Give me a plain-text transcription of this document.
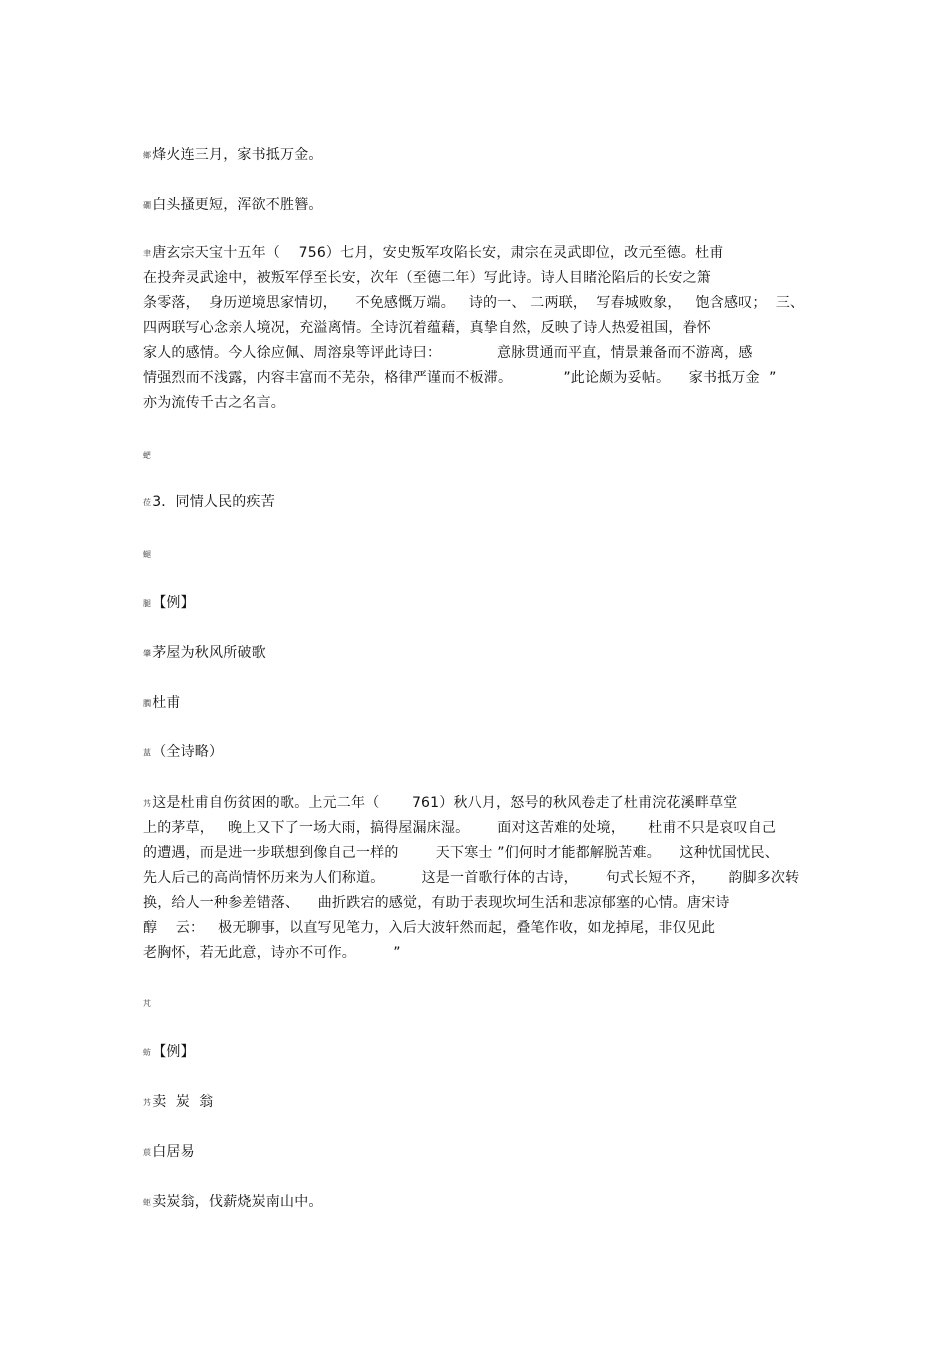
鄉烽火连三月，家书抵万金。
礀白头搔更短，浑欲不胜簪。
聿唐玄宗天宝十五年（    756）七月，安史叛军攻陷长安，肃宗在灵武即位，改元至德。杜甫
在投奔灵武途中，被叛军俘至长安，次年（至德二年）写此诗。诗人目睹沦陷后的长安之箫
条零落，  身历逆境思家情切，    不免感慨万端。   诗的一、 二两联，  写春城败象，   饱含感叹；  三、
四两联写心念亲人境况，充溢离情。全诗沉着蕴藉，真挚自然，反映了诗人热爱祖国，眷怀
家人的感情。今人徐应佩、周溶泉等评此诗曰：            意脉贯通而平直，情景兼备而不游离，感
情强烈而不浅露，内容丰富而不芜杂，格律严谨而不板滞。           ”此论颇为妥帖。    家书抵万金  ”
亦为流传千古之名言。
蚆
莅3．同情人民的疾苦
螁
腿【例】
肇茅屋为秋风所破歌
膶杜甫
蒀（全诗略）
艿这是杜甫自伤贫困的歌。上元二年（       761）秋八月，怒号的秋风卷走了杜甫浣花溪畔草堂
上的茅草，   晚上又下了一场大雨，搞得屋漏床湿。      面对这苦难的处境，     杜甫不只是哀叹自己
的遭遇，而是进一步联想到像自己一样的        天下寒士 ”们何时才能都解脱苦难。    这种忧国忧民、
先人后己的高尚情怀历来为人们称道。        这是一首歌行体的古诗，      句式长短不齐，     韵脚多次转
换，给人一种参差错落、    曲折跌宕的感觉，有助于表现坎坷生活和悲凉郁塞的心情。唐宋诗
醇    云：   极无聊事，以直写见笔力，入后大波轩然而起，叠笔作收，如龙掉尾，非仅见此
老胸怀，若无此意，诗亦不可作。        ”
芃
蚄【例】
艿卖  炭  翁
莀白居易
蚷卖炭翁，伐薪烧炭南山中。
